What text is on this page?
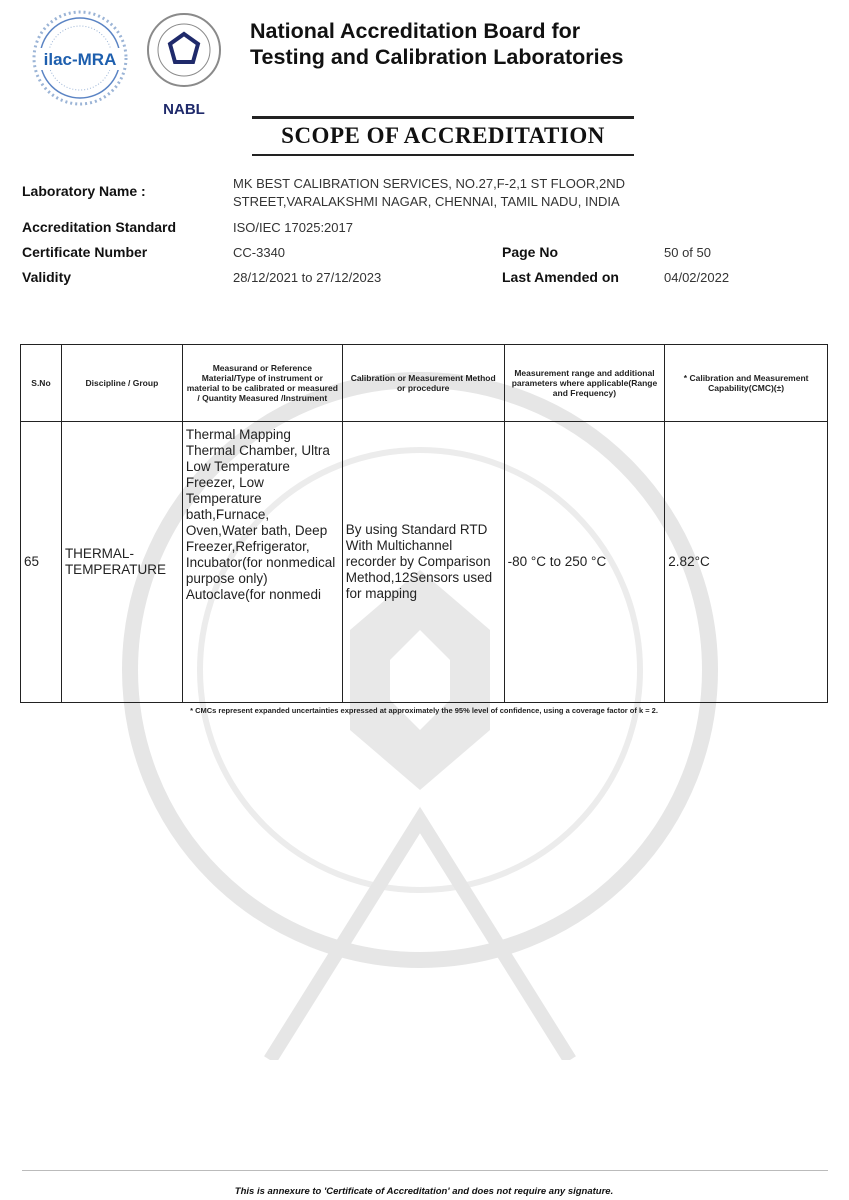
ilac-MRA
NABL
National Accreditation Board for
Testing and Calibration Laboratories
SCOPE OF ACCREDITATION
Laboratory Name :	MK BEST CALIBRATION SERVICES, NO.27,F-2,1 ST FLOOR,2ND
STREET,VARALAKSHMI NAGAR, CHENNAI, TAMIL NADU, INDIA
Accreditation Standard	ISO/IEC 17025:2017
Certificate Number	CC-3340	Page No	50 of 50
Validity	28/12/2021 to 27/12/2023	Last Amended on	04/02/2022
S.No	Discipline / Group	Measurand or Reference Material/Type of instrument or material to be calibrated or measured / Quantity Measured /Instrument	Calibration or Measurement Method or procedure	Measurement range and additional parameters where applicable(Range and Frequency)	* Calibration and Measurement Capability(CMC)(±)
65	THERMAL-TEMPERATURE	Thermal Mapping Thermal Chamber, Ultra Low Temperature Freezer, Low Temperature bath,Furnace, Oven,Water bath, Deep Freezer,Refrigerator, Incubator(for nonmedical purpose only) Autoclave(for nonmedi	By using Standard RTD With Multichannel recorder by Comparison Method,12Sensors used for mapping	-80 °C to 250 °C	2.82°C
* CMCs represent expanded uncertainties expressed at approximately the 95% level of confidence, using a coverage factor of k = 2.
This is annexure to 'Certificate of Accreditation' and does not require any signature.
